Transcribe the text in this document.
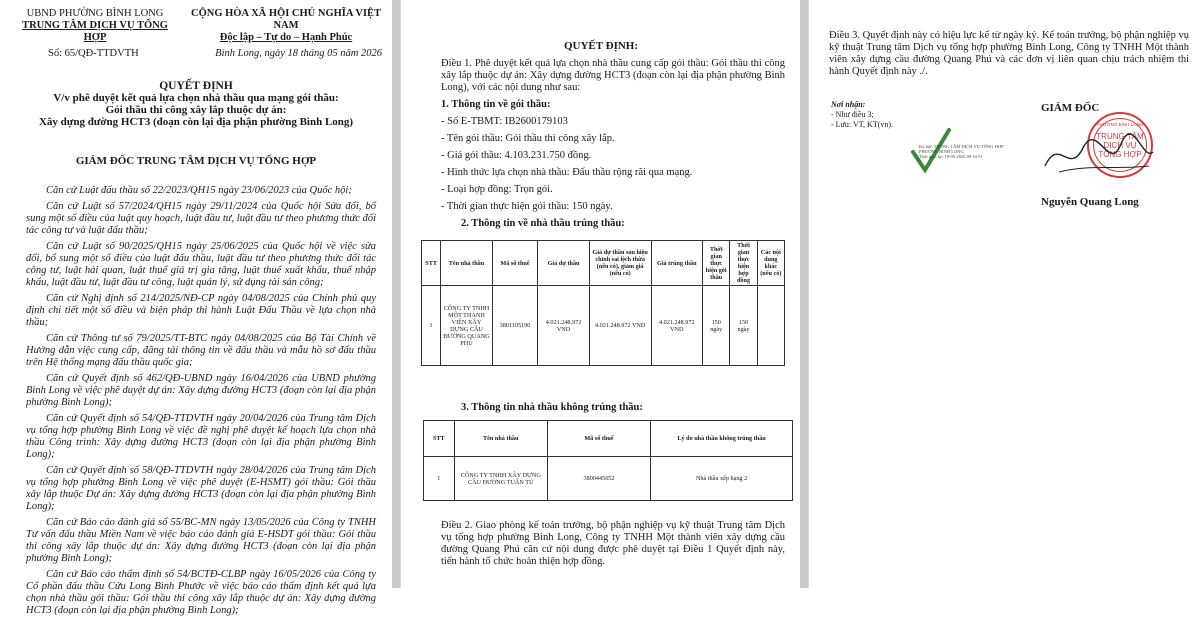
UBND PHƯỜNG BÌNH LONG
TRUNG TÂM DỊCH VỤ TỔNG HỢP
CỘNG HÒA XÃ HỘI CHỦ NGHĨA VIỆT NAM
Độc lập – Tự do – Hạnh Phúc
Số: 65/QĐ-TTDVTH	Bình Long, ngày 18 tháng 05 năm 2026
QUYẾT ĐỊNH
V/v phê duyệt kết quả lựa chọn nhà thầu qua mạng gói thầu:
Gói thầu thi công xây lắp thuộc dự án:
Xây dựng đường HCT3 (đoạn còn lại địa phận phường Bình Long)
GIÁM ĐỐC TRUNG TÂM DỊCH VỤ TỔNG HỢP

Căn cứ Luật đấu thầu số 22/2023/QH15 ngày 23/06/2023 của Quốc hội;

Căn cứ Luật số 57/2024/QH15 ngày 29/11/2024 của Quốc hội Sửa đổi, bổ sung một số điều của luật quy hoạch, luật đầu tư, luật đầu tư theo phương thức đối tác công tư và luật đấu thầu;

Căn cứ Luật số 90/2025/QH15 ngày 25/06/2025 của Quốc hội về việc sửa đổi, bổ sung một số điều của luật đấu thầu, luật đầu tư theo phương thức đối tác công tư, luật hải quan, luật thuế giá trị gia tăng, luật thuế xuất khẩu, thuế nhập khẩu, luật đầu tư, luật đầu tư công, luật quản lý, sử dụng tài sản công;

Căn cứ Nghị định số 214/2025/NĐ-CP ngày 04/08/2025 của Chính phủ quy định chi tiết một số điều và biện pháp thi hành Luật Đấu Thầu về lựa chọn nhà thầu;

Căn cứ Thông tư số 79/2025/TT-BTC ngày 04/08/2025 của Bộ Tài Chính về Hướng dẫn việc cung cấp, đăng tải thông tin về đấu thầu và mẫu hồ sơ đấu thầu trên Hệ thống mạng đấu thầu quốc gia;

Căn cứ Quyết định số 462/QĐ-UBND ngày 16/04/2026 của UBND phường Bình Long về việc phê duyệt dự án: Xây dựng đường HCT3 (đoạn còn lại địa phận phường Bình Long);

Căn cứ Quyết định số 54/QĐ-TTDVTH ngày 20/04/2026 của Trung tâm Dịch vụ tổng hợp phường Bình Long về việc đề nghị phê duyệt kế hoạch lựa chọn nhà thầu Công trình: Xây dựng đường HCT3 (đoạn còn lại địa phận phường Bình Long);

Căn cứ Quyết định số 58/QĐ-TTDVTH ngày 28/04/2026 của Trung tâm Dịch vụ tổng hợp phường Bình Long về việc phê duyệt (E-HSMT) gói thầu: Gói thầu xây lắp thuộc Dự án: Xây dựng đường HCT3 (đoạn còn lại địa phận phường Bình Long);

Căn cứ Báo cáo đánh giá số 55/BC-MN ngày 13/05/2026 của Công ty TNHH Tư vấn đấu thầu Miền Nam về việc báo cáo đánh giá E-HSDT gói thầu: Gói thầu thi công xây lắp thuộc dự án: Xây dựng đường HCT3 (đoạn còn lại địa phận phường Bình Long);

Căn cứ Báo cáo thẩm định số 54/BCTĐ-CLBP ngày 16/05/2026 của Công ty Cổ phần đấu thầu Cửu Long Bình Phước về việc báo cáo thẩm định kết quả lựa chọn nhà thầu gói thầu: Gói thầu thi công xây lắp thuộc dự án: Xây dựng đường HCT3 (đoạn còn lại địa phận phường Bình Long);

QUYẾT ĐỊNH:

Điều 1. Phê duyệt kết quả lựa chọn nhà thầu cung cấp gói thầu: Gói thầu thi công xây lắp thuộc dự án: Xây dựng đường HCT3 (đoạn còn lại địa phận phường Bình Long), với các nội dung như sau:

1. Thông tin về gói thầu:

- Số E-TBMT: IB2600179103

- Tên gói thầu: Gói thầu thi công xây lắp.

- Giá gói thầu: 4.103.231.750 đồng.

- Hình thức lựa chọn nhà thầu: Đấu thầu rộng rãi qua mạng.

- Loại hợp đồng: Trọn gói.

- Thời gian thực hiện gói thầu: 150 ngày.

2. Thông tin về nhà thầu trúng thầu:
STT	Tên nhà thầu	Mã số thuế	Giá dự thầu	Giá dự thầu sau hiệu chỉnh sai lệch thừa (nếu có), giảm giá (nếu có)	Giá trúng thầu	Thời gian thực hiện gói thầu	Thời gian thực hiện hợp đồng	Các nội dung khác (nếu có)
1	CÔNG TY TNHH MỘT THÀNH VIÊN XÂY DỰNG CẦU ĐƯỜNG QUANG PHÚ	3801105190	4.021.248.972 VND	4.021.248.972 VND	4.021.248.972 VND	150 ngày	150 ngày	
3. Thông tin nhà thầu không trúng thầu:
STT	Tên nhà thầu	Mã số thuế	Lý do nhà thầu không trúng thầu
1	CÔNG TY TNHH XÂY DỰNG CẦU ĐƯỜNG TUẤN TÚ	3800445652	Nhà thầu xếp hạng 2
Điều 2. Giao phòng kế toán trưởng, bộ phận nghiệp vụ kỹ thuật Trung tâm Dịch vụ tổng hợp phường Bình Long, Công ty TNHH Một thành viên xây dựng cầu đường Quang Phú căn cứ nội dung được phê duyệt tại Điều 1 Quyết định này, tiến hành tổ chức hoàn thiện hợp đồng.
Điều 3. Quyết định này có hiệu lực kể từ ngày ký. Kế toán trưởng, bộ phận nghiệp vụ kỹ thuật Trung tâm Dịch vụ tổng hợp phường Bình Long, Công ty TNHH Một thành viên xây dựng cầu đường Quang Phú và các đơn vị liên quan chịu trách nhiệm thi hành Quyết định này ./.
Nơi nhận:
- Như điều 3;
- Lưu: VT, KT(vn).
GIÁM ĐỐC
Ký bởi: TRUNG TÂM DỊCH VỤ TỔNG HỢP
PHƯỜNG BÌNH LONG
Thời gian ký: 19-05-2026 09:10:51
PHƯỜNG BÌNH LONG
TRUNG TÂM
DỊCH VỤ
TỔNG HỢP
Nguyễn Quang Long
